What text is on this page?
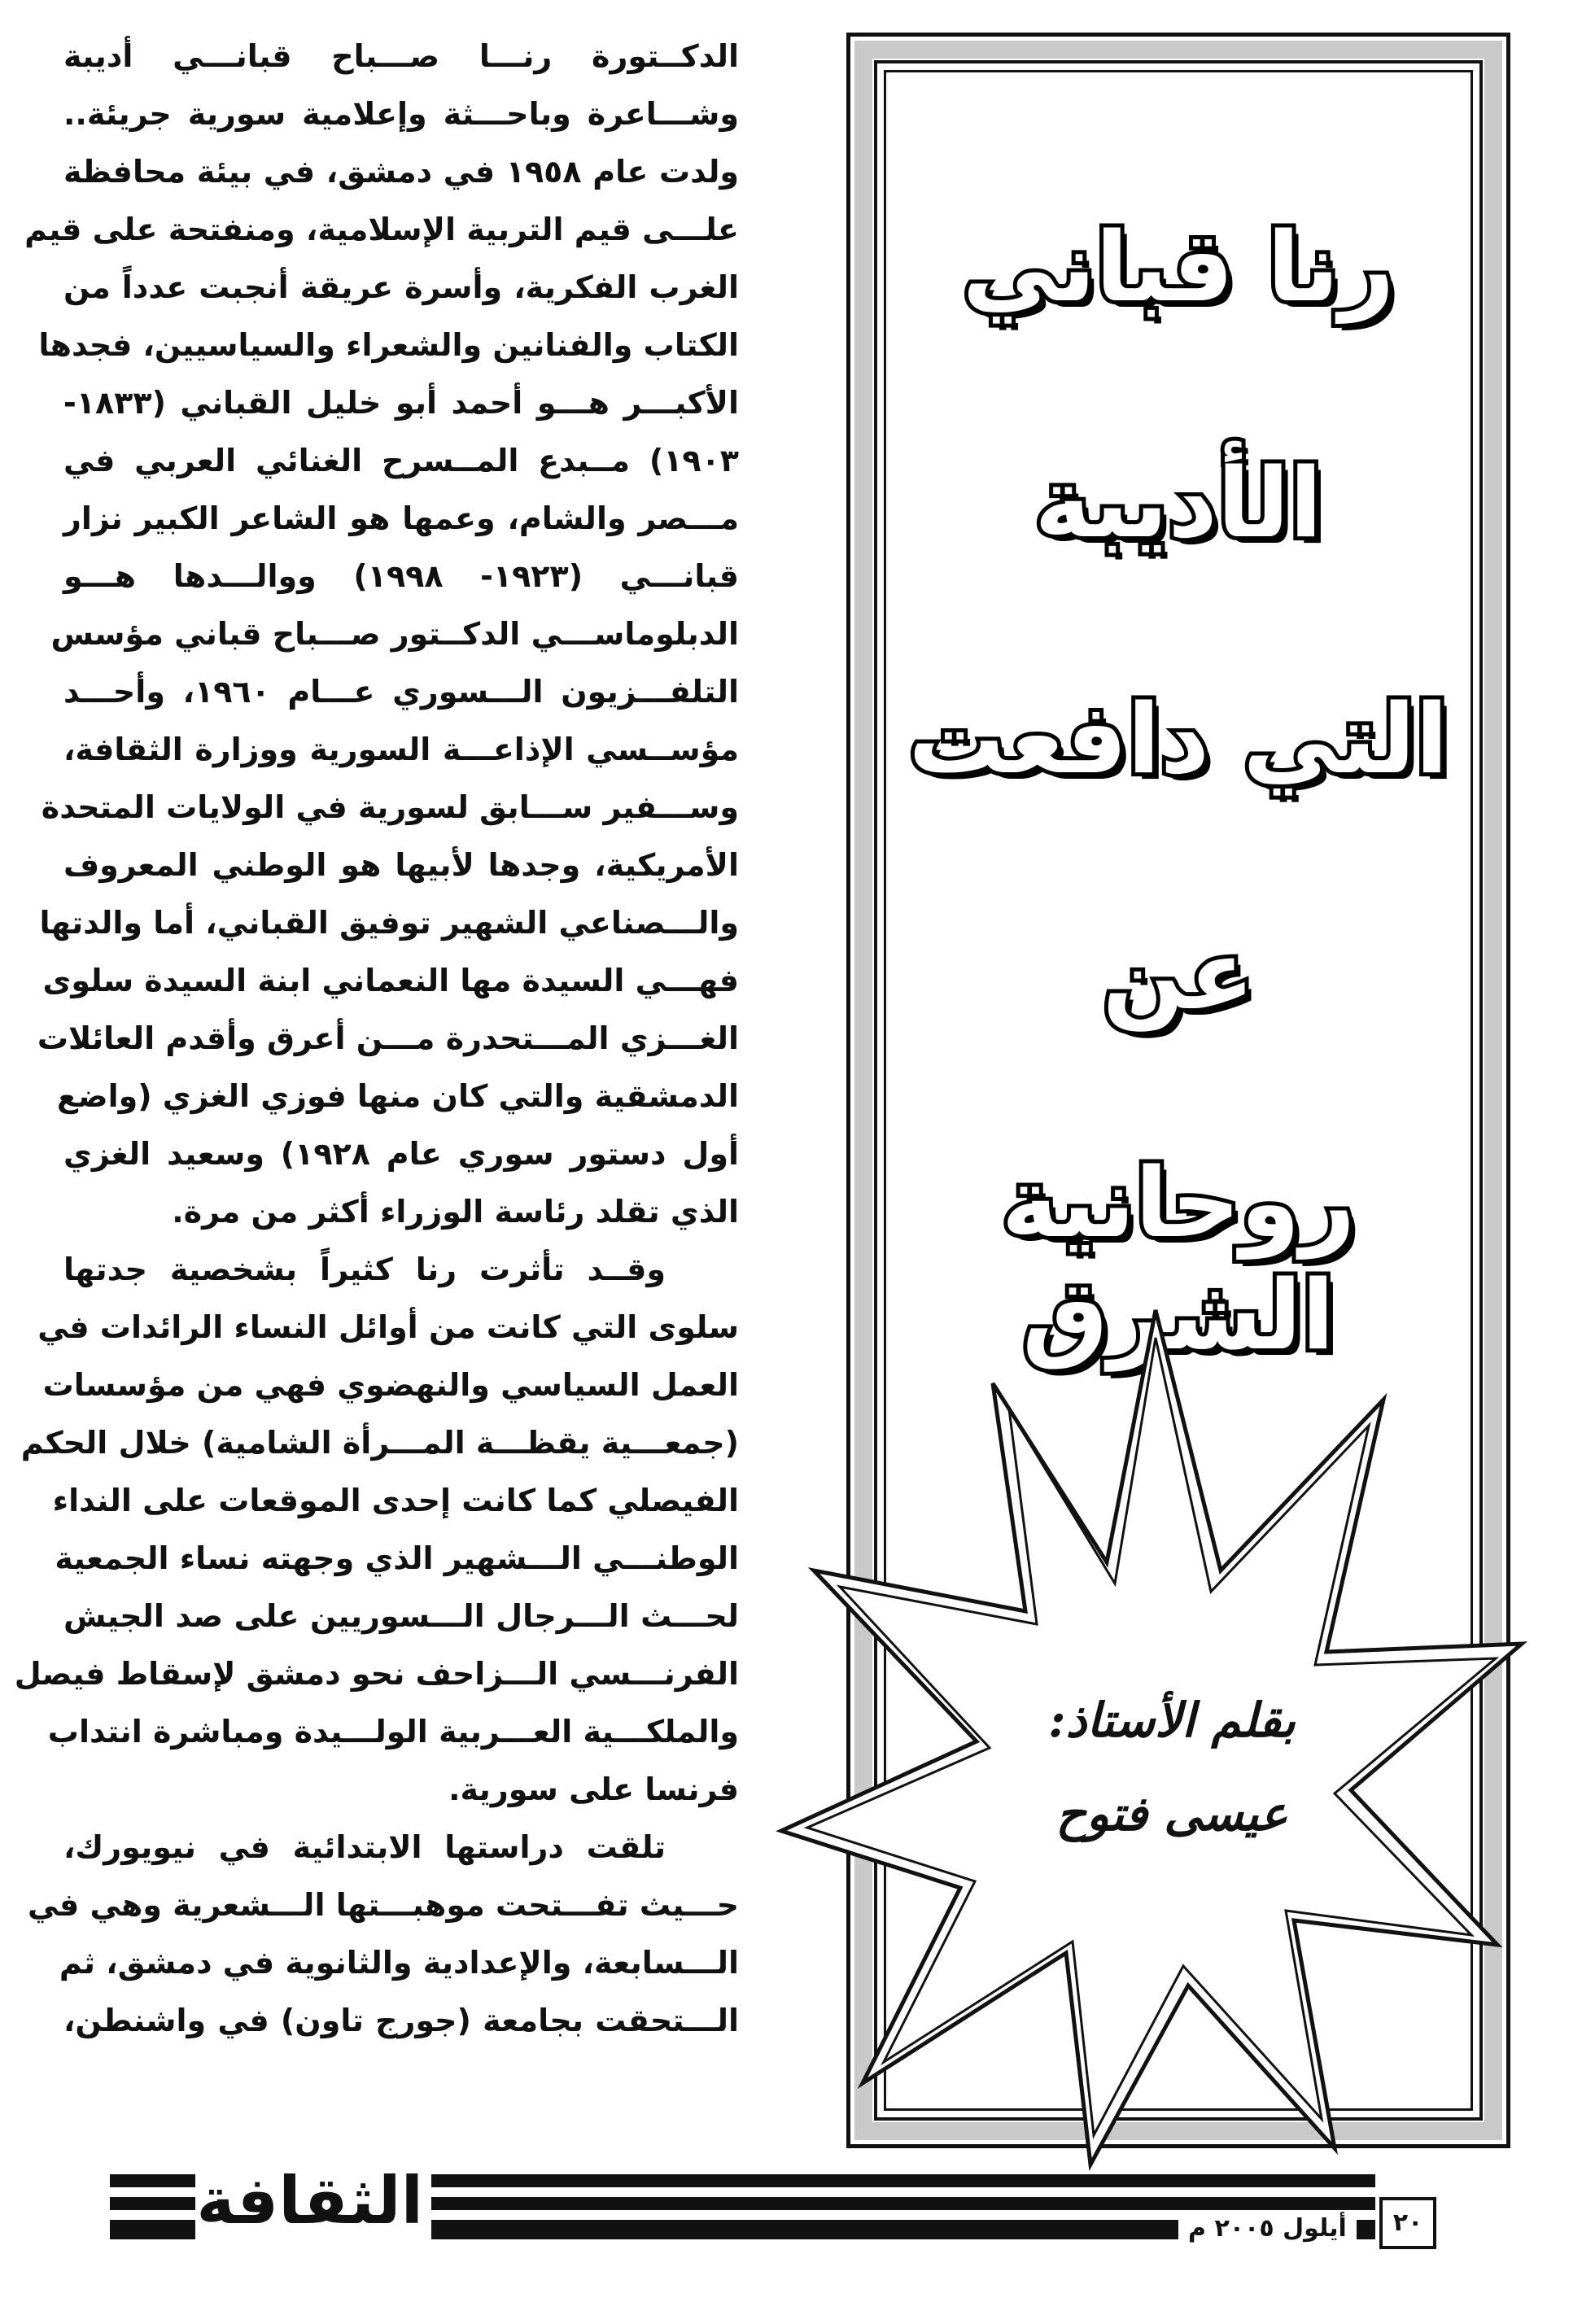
الدكــتورة رنـــا صـــباح قبانـــي أديبة
وشـــاعرة وباحـــثة وإعلامية سورية جريئة..
ولدت عام ١٩٥٨ في دمشق، في بيئة محافظة
علـــى قيم التربية الإسلامية، ومنفتحة على قيم
الغرب الفكرية، وأسرة عريقة أنجبت عدداً من
الكتاب والفنانين والشعراء والسياسيين، فجدها
الأكبـــر هـــو أحمد أبو خليل القباني (١٨٣٣-
١٩٠٣) مــبدع المــسرح الغنائي العربي في
مـــصر والشام، وعمها هو الشاعر الكبير نزار
قبانـــي (١٩٢٣- ١٩٩٨) ووالـــدها هـــو
الدبلوماســـي الدكــتور صـــباح قباني مؤسس
التلفـــزيون الـــسوري عـــام ١٩٦٠، وأحـــد
مؤســسي الإذاعـــة السورية ووزارة الثقافة،
وســـفير ســـابق لسورية في الولايات المتحدة
الأمريكية، وجدها لأبيها هو الوطني المعروف
والـــصناعي الشهير توفيق القباني، أما والدتها
فهـــي السيدة مها النعماني ابنة السيدة سلوى
الغـــزي المـــتحدرة مـــن أعرق وأقدم العائلات
الدمشقية والتي كان منها فوزي الغزي (واضع
أول دستور سوري عام ١٩٢٨) وسعيد الغزي
الذي تقلد رئاسة الوزراء أكثر من مرة.
وقــد تأثرت رنا كثيراً بشخصية جدتها
سلوى التي كانت من أوائل النساء الرائدات في
العمل السياسي والنهضوي فهي من مؤسسات
(جمعـــية يقظـــة المـــرأة الشامية) خلال الحكم
الفيصلي كما كانت إحدى الموقعات على النداء
الوطنـــي الـــشهير الذي وجهته نساء الجمعية
لحـــث الـــرجال الـــسوريين على صد الجيش
الفرنـــسي الـــزاحف نحو دمشق لإسقاط فيصل
والملكـــية العـــربية الولـــيدة ومباشرة انتداب
فرنسا على سورية.
تلقت دراستها الابتدائية في نيويورك،
حـــيث تفـــتحت موهبـــتها الـــشعرية وهي في
الـــسابعة، والإعدادية والثانوية في دمشق، ثم
الـــتحقت بجامعة (جورج تاون) في واشنطن،
رنا قباني
الأديبة
التي دافعت
عن
روحانية الشرق
بقلم الأستاذ:
عيسى فتوح
الثقافة	أيلول ٢٠٠٥ م	٢٠
